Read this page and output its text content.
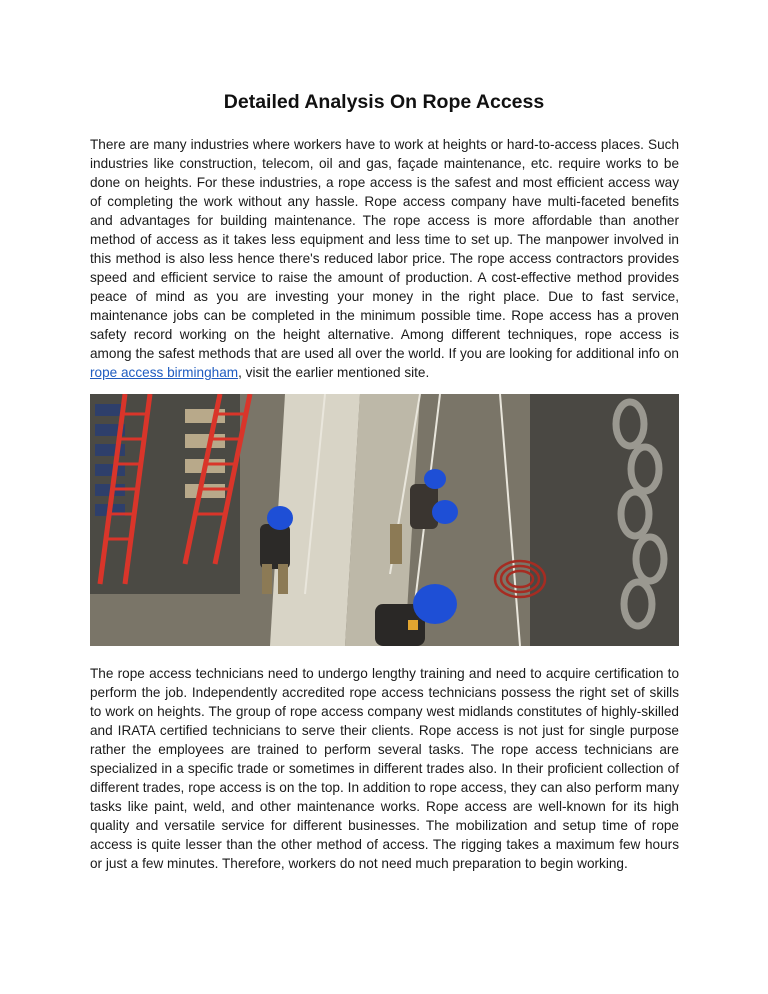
Detailed Analysis On Rope Access

There are many industries where workers have to work at heights or hard-to-access places. Such industries like construction, telecom, oil and gas, façade maintenance, etc. require works to be done on heights. For these industries, a rope access is the safest and most efficient access way of completing the work without any hassle. Rope access company have multi-faceted benefits and advantages for building maintenance. The rope access is more affordable than another method of access as it takes less equipment and less time to set up. The manpower involved in this method is also less hence there's reduced labor price. The rope access contractors provides speed and efficient service to raise the amount of production. A cost-effective method provides peace of mind as you are investing your money in the right place. Due to fast service, maintenance jobs can be completed in the minimum possible time. Rope access has a proven safety record working on the height alternative. Among different techniques, rope access is among the safest methods that are used all over the world. If you are looking for additional info on rope access birmingham, visit the earlier mentioned site.

The rope access technicians need to undergo lengthy training and need to acquire certification to perform the job. Independently accredited rope access technicians possess the right set of skills to work on heights. The group of rope access company west midlands constitutes of highly-skilled and IRATA certified technicians to serve their clients. Rope access is not just for single purpose rather the employees are trained to perform several tasks. The rope access technicians are specialized in a specific trade or sometimes in different trades also. In their proficient collection of different trades, rope access is on the top. In addition to rope access, they can also perform many tasks like paint, weld, and other maintenance works. Rope access are well-known for its high quality and versatile service for different businesses. The mobilization and setup time of rope access is quite lesser than the other method of access. The rigging takes a maximum few hours or just a few minutes. Therefore, workers do not need much preparation to begin working.
